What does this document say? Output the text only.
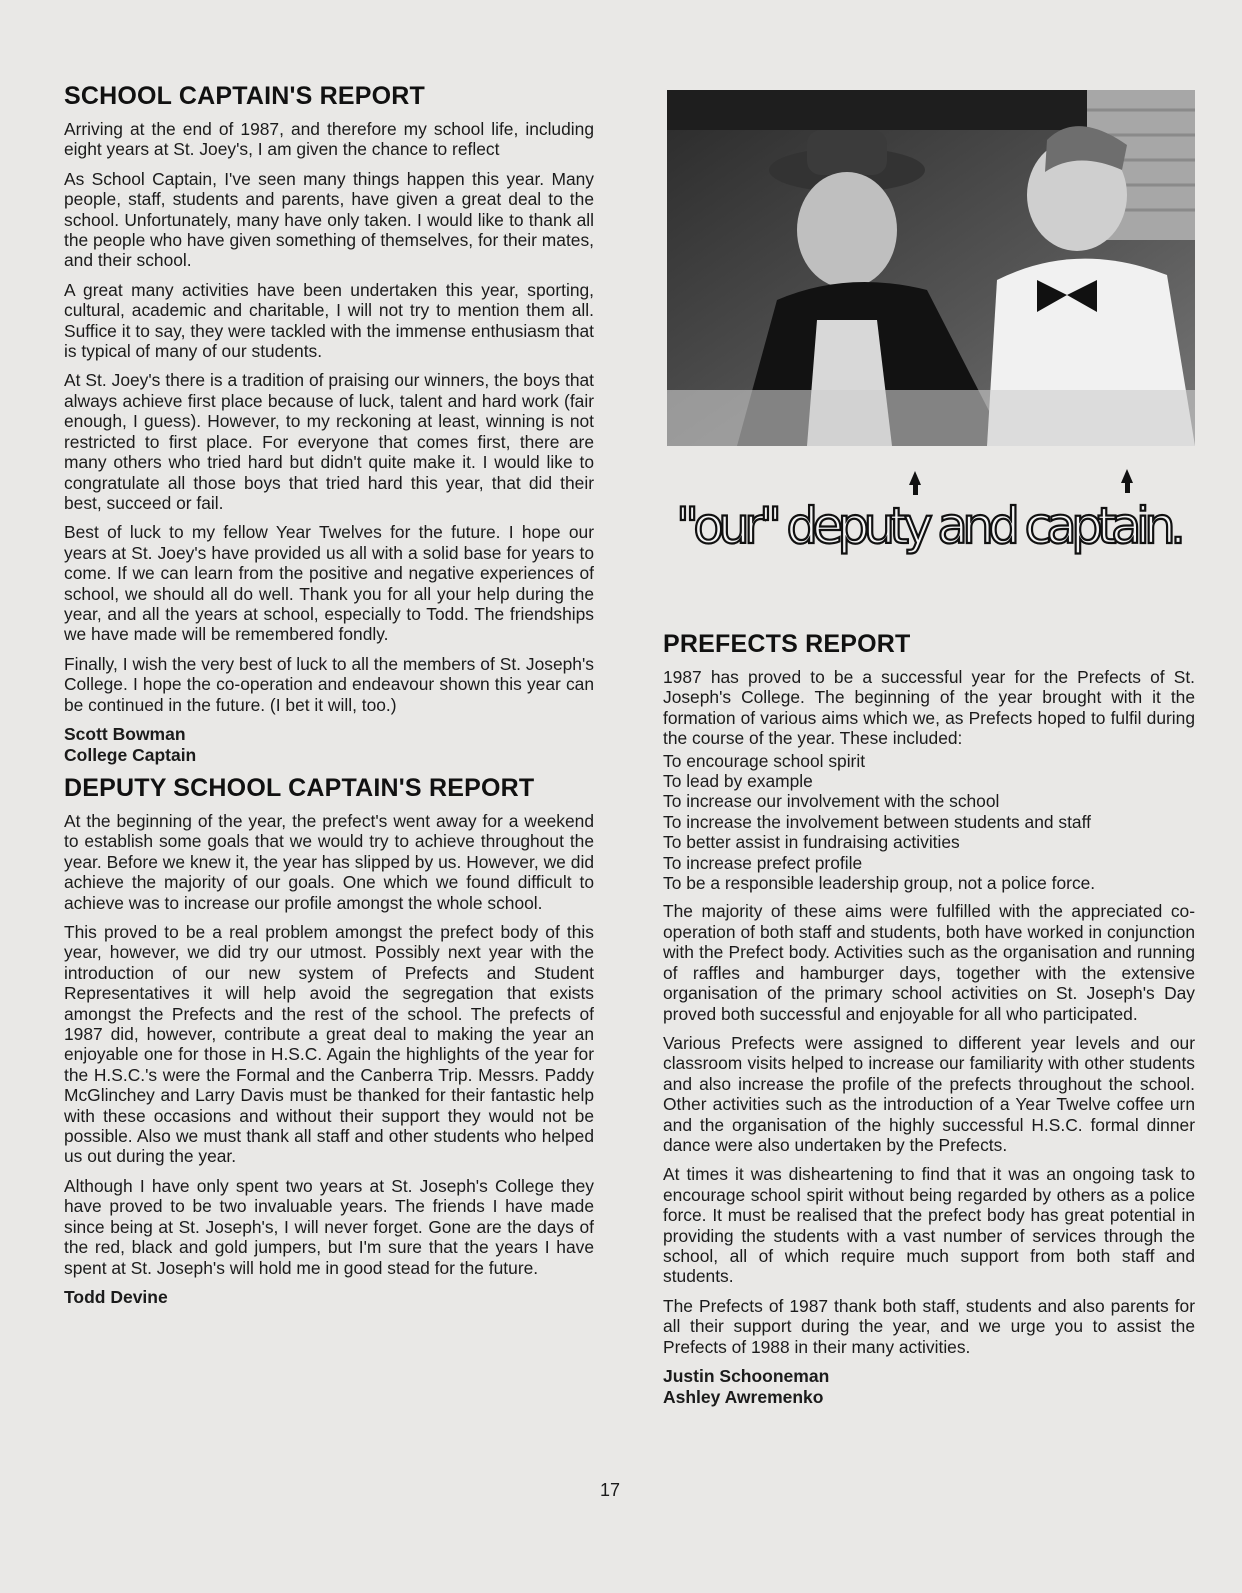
SCHOOL CAPTAIN'S REPORT

Arriving at the end of 1987, and therefore my school life, including eight years at St. Joey's, I am given the chance to reflect

As School Captain, I've seen many things happen this year. Many people, staff, students and parents, have given a great deal to the school. Unfortunately, many have only taken. I would like to thank all the people who have given something of themselves, for their mates, and their school.

A great many activities have been undertaken this year, sporting, cultural, academic and charitable, I will not try to mention them all. Suffice it to say, they were tackled with the immense enthusiasm that is typical of many of our students.

At St. Joey's there is a tradition of praising our winners, the boys that always achieve first place because of luck, talent and hard work (fair enough, I guess). However, to my reckoning at least, winning is not restricted to first place. For everyone that comes first, there are many others who tried hard but didn't quite make it. I would like to congratulate all those boys that tried hard this year, that did their best, succeed or fail.

Best of luck to my fellow Year Twelves for the future. I hope our years at St. Joey's have provided us all with a solid base for years to come. If we can learn from the positive and negative experiences of school, we should all do well. Thank you for all your help during the year, and all the years at school, especially to Todd. The friendships we have made will be remembered fondly.

Finally, I wish the very best of luck to all the members of St. Joseph's College. I hope the co-operation and endeavour shown this year can be continued in the future. (I bet it will, too.)

Scott Bowman
College Captain
DEPUTY SCHOOL CAPTAIN'S REPORT

At the beginning of the year, the prefect's went away for a weekend to establish some goals that we would try to achieve throughout the year. Before we knew it, the year has slipped by us. However, we did achieve the majority of our goals. One which we found difficult to achieve was to increase our profile amongst the whole school.

This proved to be a real problem amongst the prefect body of this year, however, we did try our utmost. Possibly next year with the introduction of our new system of Prefects and Student Representatives it will help avoid the segregation that exists amongst the Prefects and the rest of the school. The prefects of 1987 did, however, contribute a great deal to making the year an enjoyable one for those in H.S.C. Again the highlights of the year for the H.S.C.'s were the Formal and the Canberra Trip. Messrs. Paddy McGlinchey and Larry Davis must be thanked for their fantastic help with these occasions and without their support they would not be possible. Also we must thank all staff and other students who helped us out during the year.

Although I have only spent two years at St. Joseph's College they have proved to be two invaluable years. The friends I have made since being at St. Joseph's, I will never forget. Gone are the days of the red, black and gold jumpers, but I'm sure that the years I have spent at St. Joseph's will hold me in good stead for the future.

Todd Devine
"our" deputy and captain.
PREFECTS REPORT

1987 has proved to be a successful year for the Prefects of St. Joseph's College. The beginning of the year brought with it the formation of various aims which we, as Prefects hoped to fulfil during the course of the year. These included:

To encourage school spirit
To lead by example
To increase our involvement with the school
To increase the involvement between students and staff
To better assist in fundraising activities
To increase prefect profile
To be a responsible leadership group, not a police force.

The majority of these aims were fulfilled with the appreciated co-operation of both staff and students, both have worked in conjunction with the Prefect body. Activities such as the organisation and running of raffles and hamburger days, together with the extensive organisation of the primary school activities on St. Joseph's Day proved both successful and enjoyable for all who participated.

Various Prefects were assigned to different year levels and our classroom visits helped to increase our familiarity with other students and also increase the profile of the prefects throughout the school. Other activities such as the introduction of a Year Twelve coffee urn and the organisation of the highly successful H.S.C. formal dinner dance were also undertaken by the Prefects.

At times it was disheartening to find that it was an ongoing task to encourage school spirit without being regarded by others as a police force. It must be realised that the prefect body has great potential in providing the students with a vast number of services through the school, all of which require much support from both staff and students.

The Prefects of 1987 thank both staff, students and also parents for all their support during the year, and we urge you to assist the Prefects of 1988 in their many activities.

Justin Schooneman
Ashley Awremenko
17
